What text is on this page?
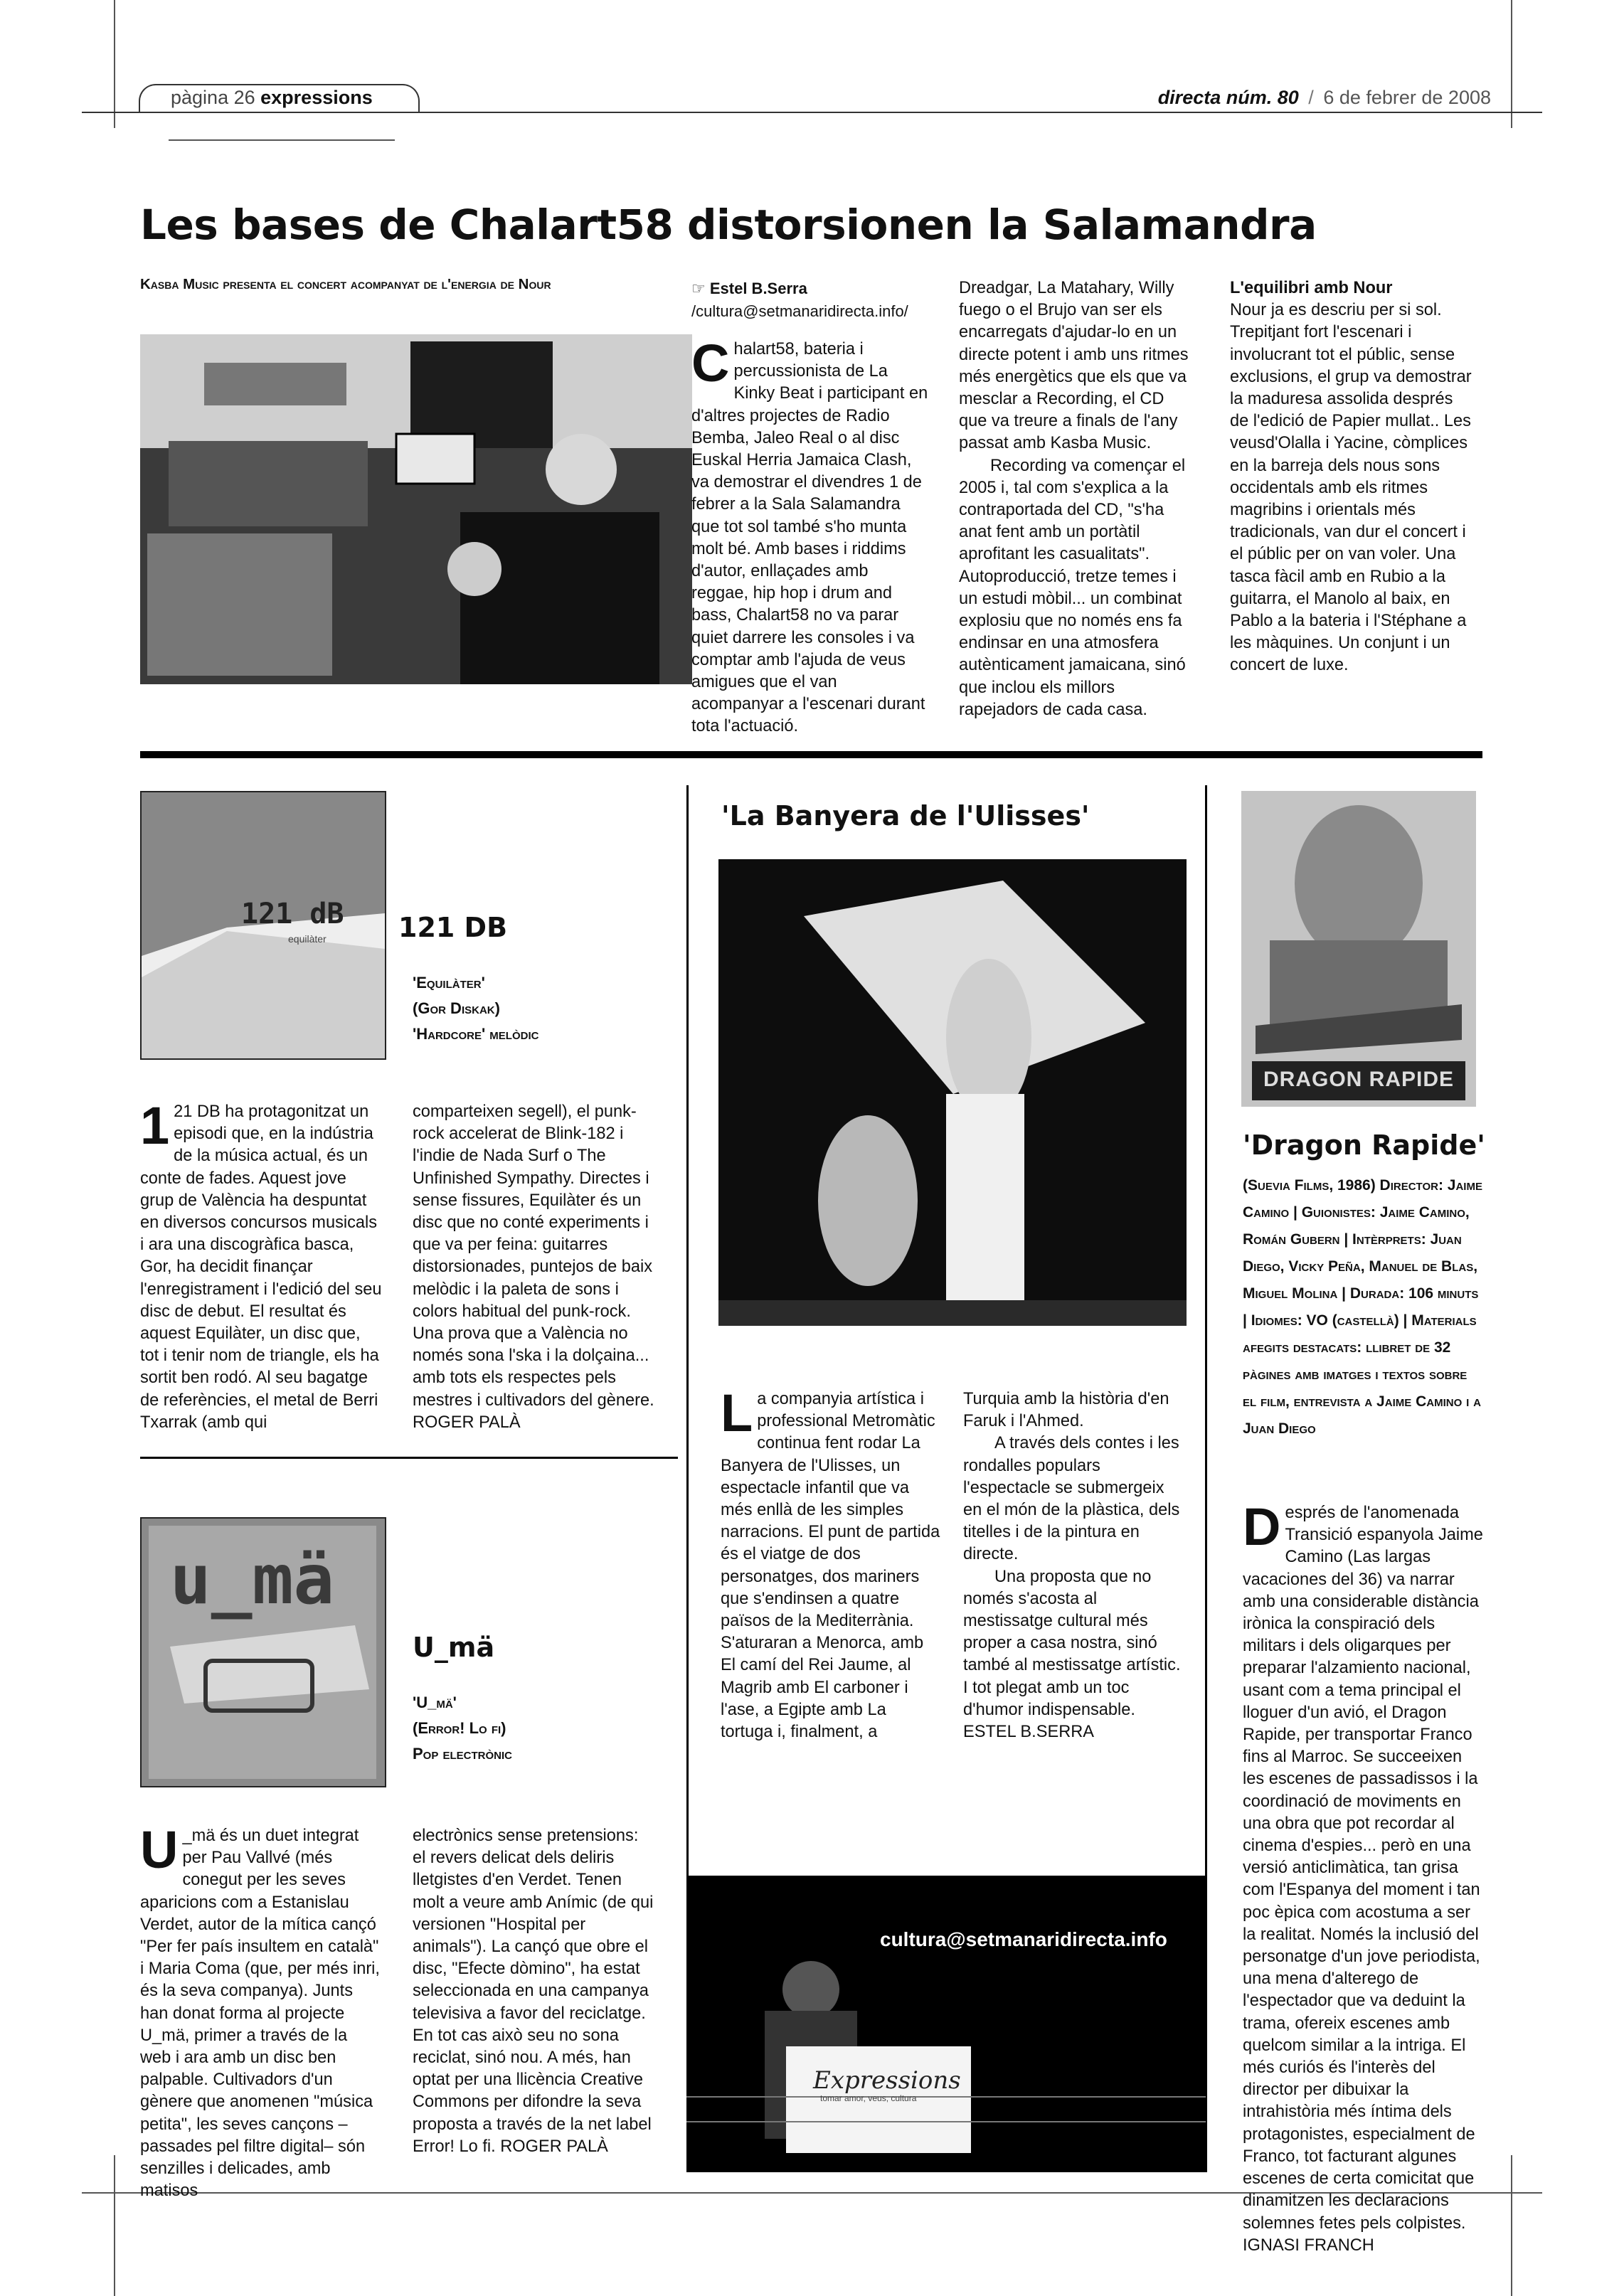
pàgina 26 expressions	directa núm. 80 / 6 de febrer de 2008
Les bases de Chalart58 distorsionen la Salamandra
Kasba Music presenta el concert acompanyat de l'energia de Nour	☞ Estel B.Serra
/cultura@setmanaridirecta.info/
C halart58, bateria i percussionista de La Kinky Beat i participant en d'altres projectes de Radio Bemba, Jaleo Real o al disc Euskal Herria Jamaica Clash, va demostrar el divendres 1 de febrer a la Sala Salamandra que tot sol també s'ho munta molt bé. Amb bases i riddims d'autor, enllaçades amb reggae, hip hop i drum and bass, Chalart58 no va parar quiet darrere les consoles i va comptar amb l'ajuda de veus amigues que el van acompanyar a l'escenari durant tota l'actuació.

Dreadgar, La Matahary, Willy fuego o el Brujo van ser els encarregats d'ajudar-lo en un directe potent i amb uns ritmes més energètics que els que va mesclar a Recording, el CD que va treure a finals de l'any passat amb Kasba Music.

Recording va començar el 2005 i, tal com s'explica a la contraportada del CD, "s'ha anat fent amb un portàtil aprofitant les casualitats". Autoproducció, tretze temes i un estudi mòbil... un combinat explosiu que no només ens fa endinsar en una atmosfera autènticament jamaicana, sinó que inclou els millors rapejadors de cada casa.

L'equilibri amb Nour

Nour ja es descriu per si sol. Trepitjant fort l'escenari i involucrant tot el públic, sense exclusions, el grup va demostrar la maduresa assolida després de l'edició de Papier mullat.. Les veusd'Olalla i Yacine, còmplices en la barreja dels nous sons occidentals amb els ritmes magribins i orientals més tradicionals, van dur el concert i el públic per on van voler. Una tasca fàcil amb en Rubio a la guitarra, el Manolo al baix, en Pablo a la bateria i l'Stéphane a les màquines. Un conjunt i un concert de luxe.

121 dB
equilàter	121 DB
'Equilàter'
(Gor Diskak)
'Hardcore' melòdic
1 21 DB ha protagonitzat un episodi que, en la indústria de la música actual, és un conte de fades. Aquest jove grup de València ha despuntat en diversos concursos musicals i ara una discogràfica basca, Gor, ha decidit finançar l'enregistrament i l'edició del seu disc de debut. El resultat és aquest Equilàter, un disc que, tot i tenir nom de triangle, els ha sortit ben rodó. Al seu bagatge de referències, el metal de Berri Txarrak (amb qui

comparteixen segell), el punk-rock accelerat de Blink-182 i l'indie de Nada Surf o The Unfinished Sympathy. Directes i sense fissures, Equilàter és un disc que no conté experiments i que va per feina: guitarres distorsionades, puntejos de baix melòdic i la paleta de sons i colors habitual del punk-rock. Una prova que a València no només sona l'ska i la dolçaina... amb tots els respectes pels mestres i cultivadors del gènere. ROGER PALÀ

u_mä
U_mä
'U_mä'
(Error! Lo fi)
Pop electrònic
U _mä és un duet integrat per Pau Vallvé (més conegut per les seves aparicions com a Estanislau Verdet, autor de la mítica cançó "Per fer país insultem en català" i Maria Coma (que, per més inri, és la seva companya). Junts han donat forma al projecte U_mä, primer a través de la web i ara amb un disc ben palpable. Cultivadors d'un gènere que anomenen "música petita", les seves cançons –passades pel filtre digital– són senzilles i delicades, amb matisos

electrònics sense pretensions: el revers delicat dels deliris lletgistes d'en Verdet. Tenen molt a veure amb Anímic (de qui versionen "Hospital per animals"). La cançó que obre el disc, "Efecte dòmino", ha estat seleccionada en una campanya televisiva a favor del reciclatge. En tot cas això seu no sona reciclat, sinó nou. A més, han optat per una llicència Creative Commons per difondre la seva proposta a través de la net label Error! Lo fi. ROGER PALÀ

'La Banyera de l'Ulisses'
L a companyia artística i professional Metromàtic continua fent rodar La Banyera de l'Ulisses, un espectacle infantil que va més enllà de les simples narracions. El punt de partida és el viatge de dos personatges, dos mariners que s'endinsen a quatre països de la Mediterrània. S'aturaran a Menorca, amb El camí del Rei Jaume, al Magrib amb El carboner i l'ase, a Egipte amb La tortuga i, finalment, a

Turquia amb la història d'en Faruk i l'Ahmed.

A través dels contes i les rondalles populars l'espectacle se submergeix en el món de la plàstica, dels titelles i de la pintura en directe.

Una proposta que no només s'acosta al mestissatge cultural més proper a casa nostra, sinó també al mestissatge artístic. I tot plegat amb un toc d'humor indispensable. ESTEL B.SERRA

cultura@setmanaridirecta.info
Expressions
tomar amor, veus, cultura
DRAGON RAPIDE
'Dragon Rapide'
(Suevia Films, 1986) Director: Jaime Camino | Guionistes: Jaime Camino, Román Gubern | Intèrprets: Juan Diego, Vicky Peña, Manuel de Blas, Miguel Molina | Durada: 106 minuts | Idiomes: VO (castellà) | Materials afegits destacats: llibret de 32 pàgines amb imatges i textos sobre el film, entrevista a Jaime Camino i a Juan Diego
D esprés de l'anomenada Transició espanyola Jaime Camino (Las largas vacaciones del 36) va narrar amb una considerable distància irònica la conspiració dels militars i dels oligarques per preparar l'alzamiento nacional, usant com a tema principal el lloguer d'un avió, el Dragon Rapide, per transportar Franco fins al Marroc. Se succeeixen les escenes de passadissos i la coordinació de moviments en una obra que pot recordar al cinema d'espies... però en una versió anticlimàtica, tan grisa com l'Espanya del moment i tan poc èpica com acostuma a ser la realitat. Només la inclusió del personatge d'un jove periodista, una mena d'alterego de l'espectador que va deduint la trama, ofereix escenes amb quelcom similar a la intriga. El més curiós és l'interès del director per dibuixar la intrahistòria més íntima dels protagonistes, especialment de Franco, tot facturant algunes escenes de certa comicitat que dinamitzen les declaracions solemnes fetes pels colpistes. IGNASI FRANCH
